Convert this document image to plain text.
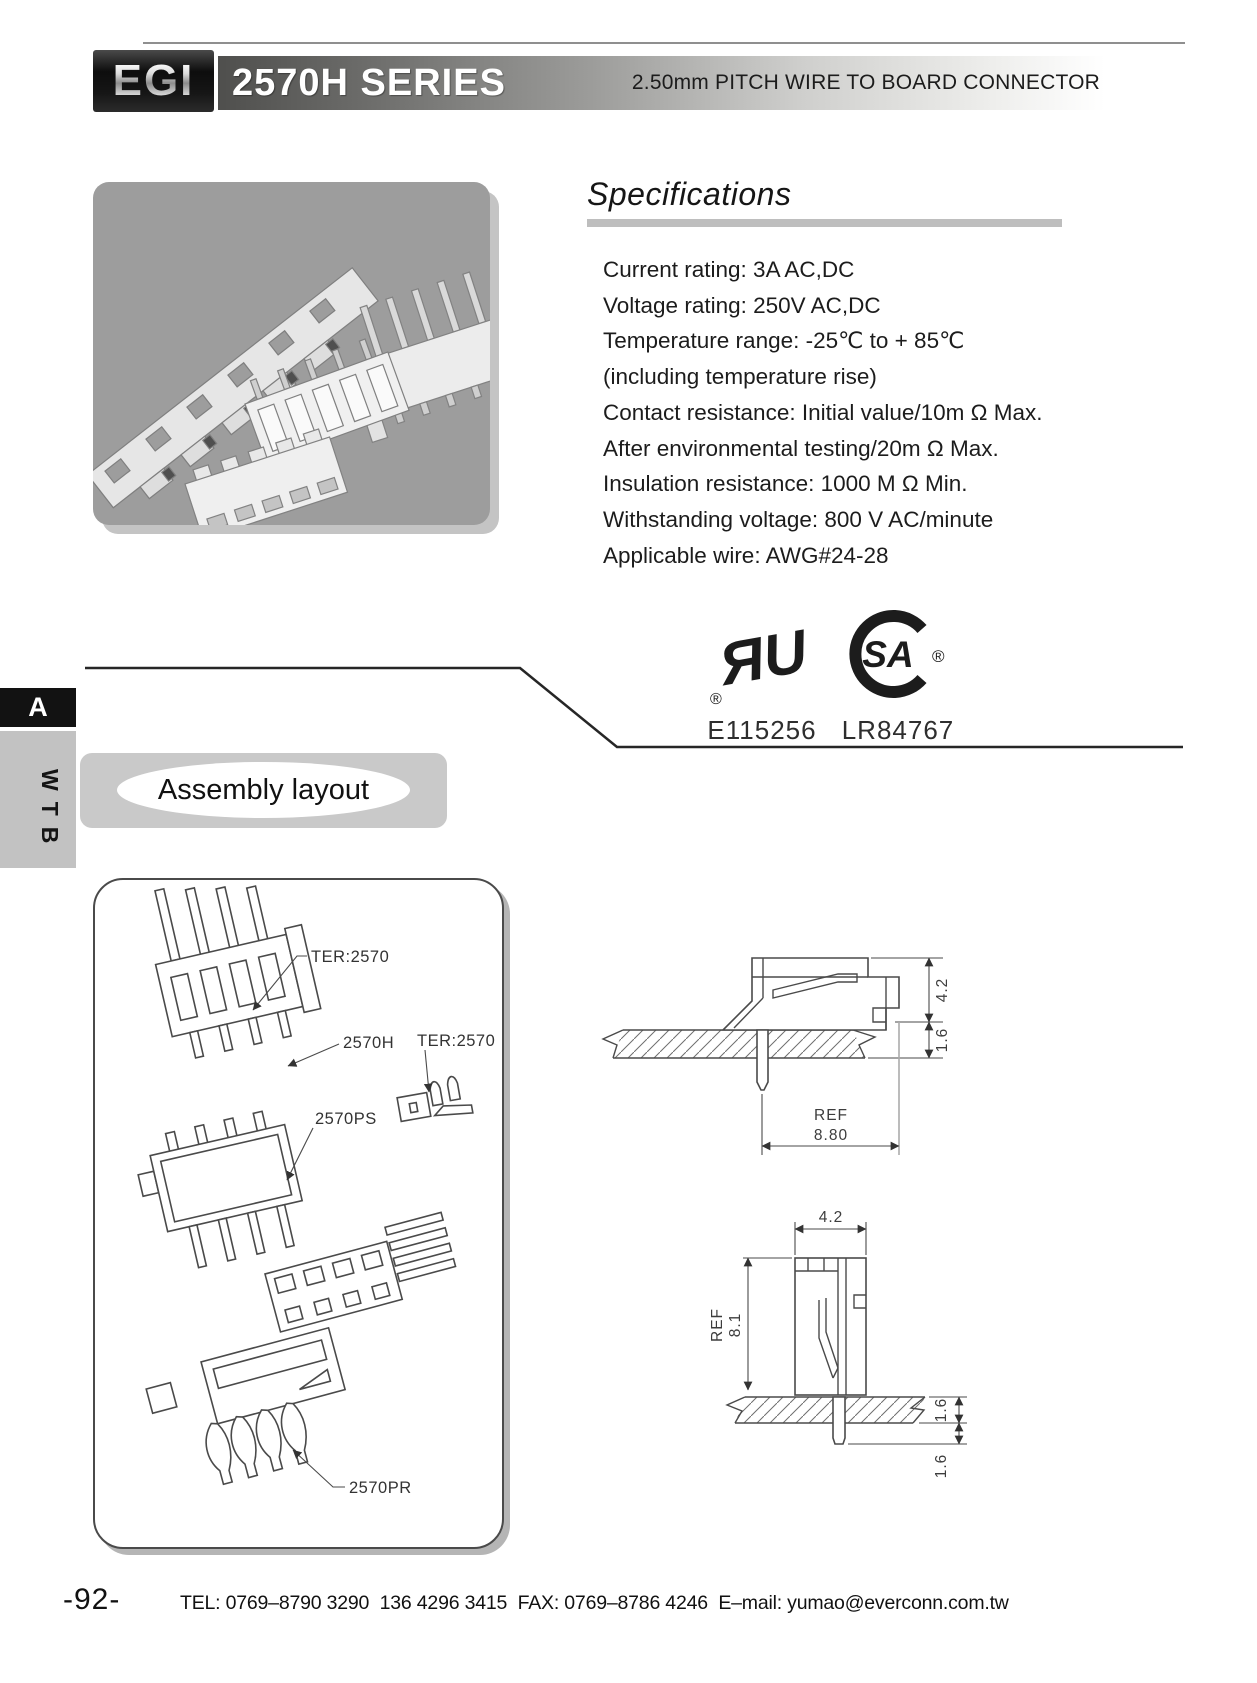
EGI 2570H SERIES	2.50mm PITCH WIRE TO BOARD CONNECTOR
Specifications
Current rating: 3A AC,DC
Voltage rating: 250V AC,DC
Temperature range: -25℃ to + 85℃
(including temperature rise)
Contact resistance: Initial value/10m Ω Max.
After environmental testing/20m Ω Max.
Insulation resistance: 1000 M Ω Min.
Withstanding voltage: 800 V AC/minute
Applicable wire: AWG#24-28
ЯU
®
E115256
SA ®
LR84767
A
WTB	Assembly layout
TER:2570
2570H TER:2570
2570PS
2570PR
4.2
1.6
REF
8.80
4.2
REF 8.1
1.6
1.6
-92-	TEL: 0769–8790 3290  136 4296 3415  FAX: 0769–8786 4246  E–mail: yumao@everconn.com.tw
